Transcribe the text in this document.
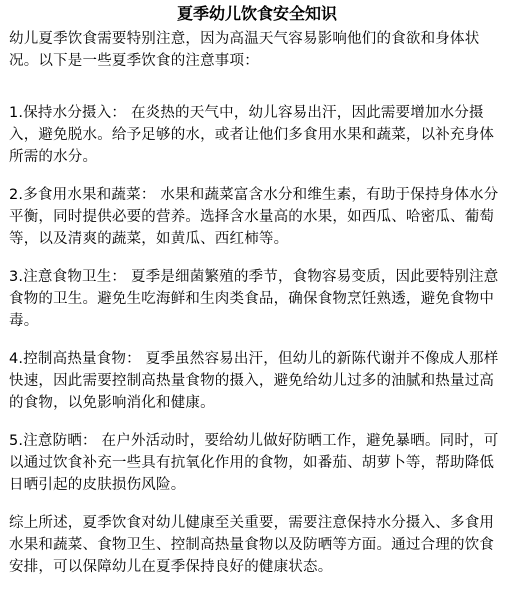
夏季幼儿饮食安全知识
幼儿夏季饮食需要特别注意，因为高温天气容易影响他们的食欲和身体状况。以下是一些夏季饮食的注意事项：
1.保持水分摄入： 在炎热的天气中，幼儿容易出汗，因此需要增加水分摄入，避免脱水。给予足够的水，或者让他们多食用水果和蔬菜，以补充身体所需的水分。
2.多食用水果和蔬菜： 水果和蔬菜富含水分和维生素，有助于保持身体水分平衡，同时提供必要的营养。选择含水量高的水果，如西瓜、哈密瓜、葡萄等，以及清爽的蔬菜，如黄瓜、西红柿等。
3.注意食物卫生： 夏季是细菌繁殖的季节，食物容易变质，因此要特别注意食物的卫生。避免生吃海鲜和生肉类食品，确保食物烹饪熟透，避免食物中毒。
4.控制高热量食物： 夏季虽然容易出汗，但幼儿的新陈代谢并不像成人那样快速，因此需要控制高热量食物的摄入，避免给幼儿过多的油腻和热量过高的食物，以免影响消化和健康。
5.注意防晒： 在户外活动时，要给幼儿做好防晒工作，避免暴晒。同时，可以通过饮食补充一些具有抗氧化作用的食物，如番茄、胡萝卜等，帮助降低日晒引起的皮肤损伤风险。
综上所述，夏季饮食对幼儿健康至关重要，需要注意保持水分摄入、多食用水果和蔬菜、食物卫生、控制高热量食物以及防晒等方面。通过合理的饮食安排，可以保障幼儿在夏季保持良好的健康状态。
